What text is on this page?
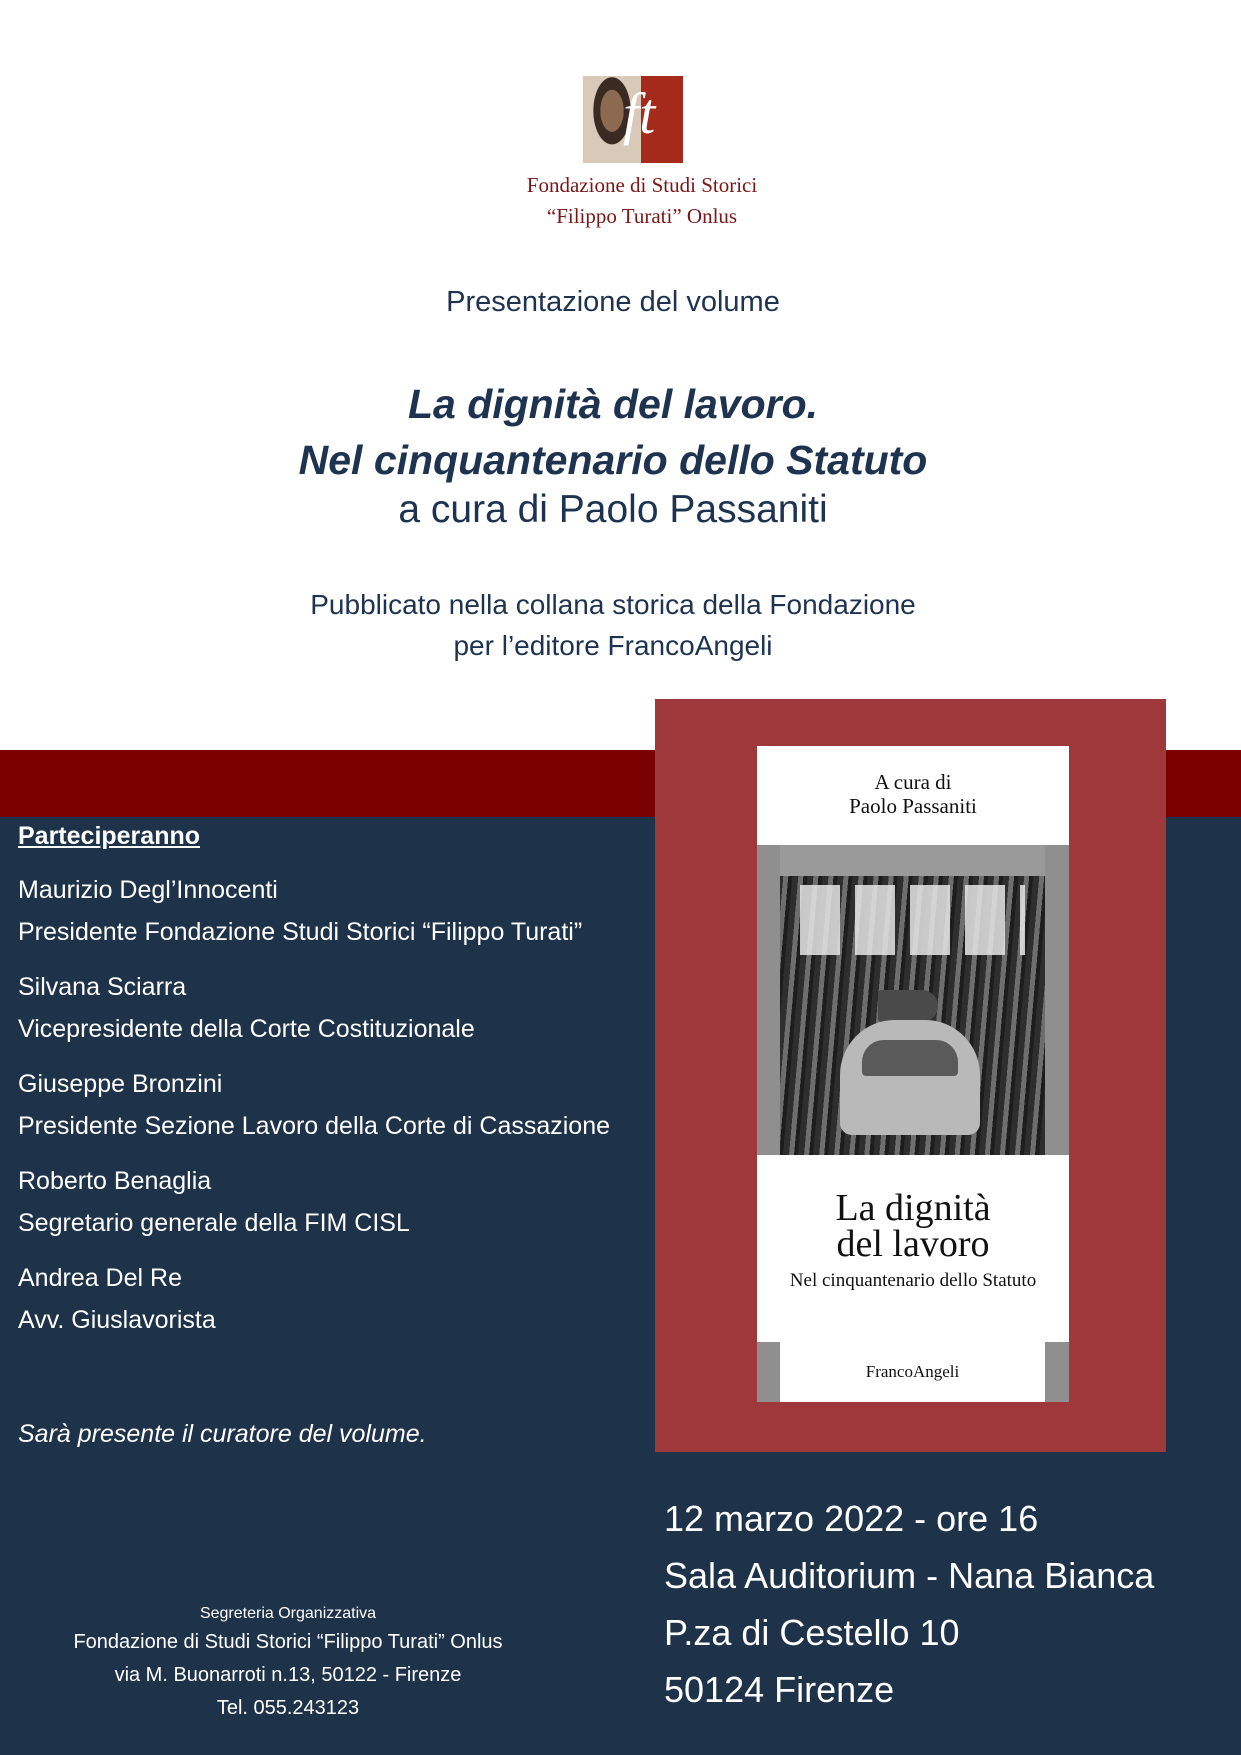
ft
Fondazione di Studi Storici
“Filippo Turati” Onlus
Presentazione del volume
La dignità del lavoro.
Nel cinquantenario dello Statuto
a cura di Paolo Passaniti
Pubblicato nella collana storica della Fondazione
per l’editore FrancoAngeli
Parteciperanno
Maurizio Degl’Innocenti
Presidente Fondazione Studi Storici “Filippo Turati”
Silvana Sciarra
Vicepresidente della Corte Costituzionale
Giuseppe Bronzini
Presidente Sezione Lavoro della Corte di Cassazione
Roberto Benaglia
Segretario generale della FIM CISL
Andrea Del Re
Avv. Giuslavorista
Sarà presente il curatore del volume.
A cura di
Paolo Passaniti
La dignità
del lavoro
Nel cinquantenario dello Statuto
FrancoAngeli
12 marzo 2022 - ore 16
Sala Auditorium - Nana Bianca
P.za di Cestello 10
50124 Firenze
Segreteria Organizzativa
Fondazione di Studi Storici “Filippo Turati” Onlus
via M. Buonarroti n.13, 50122 - Firenze
Tel. 055.243123
